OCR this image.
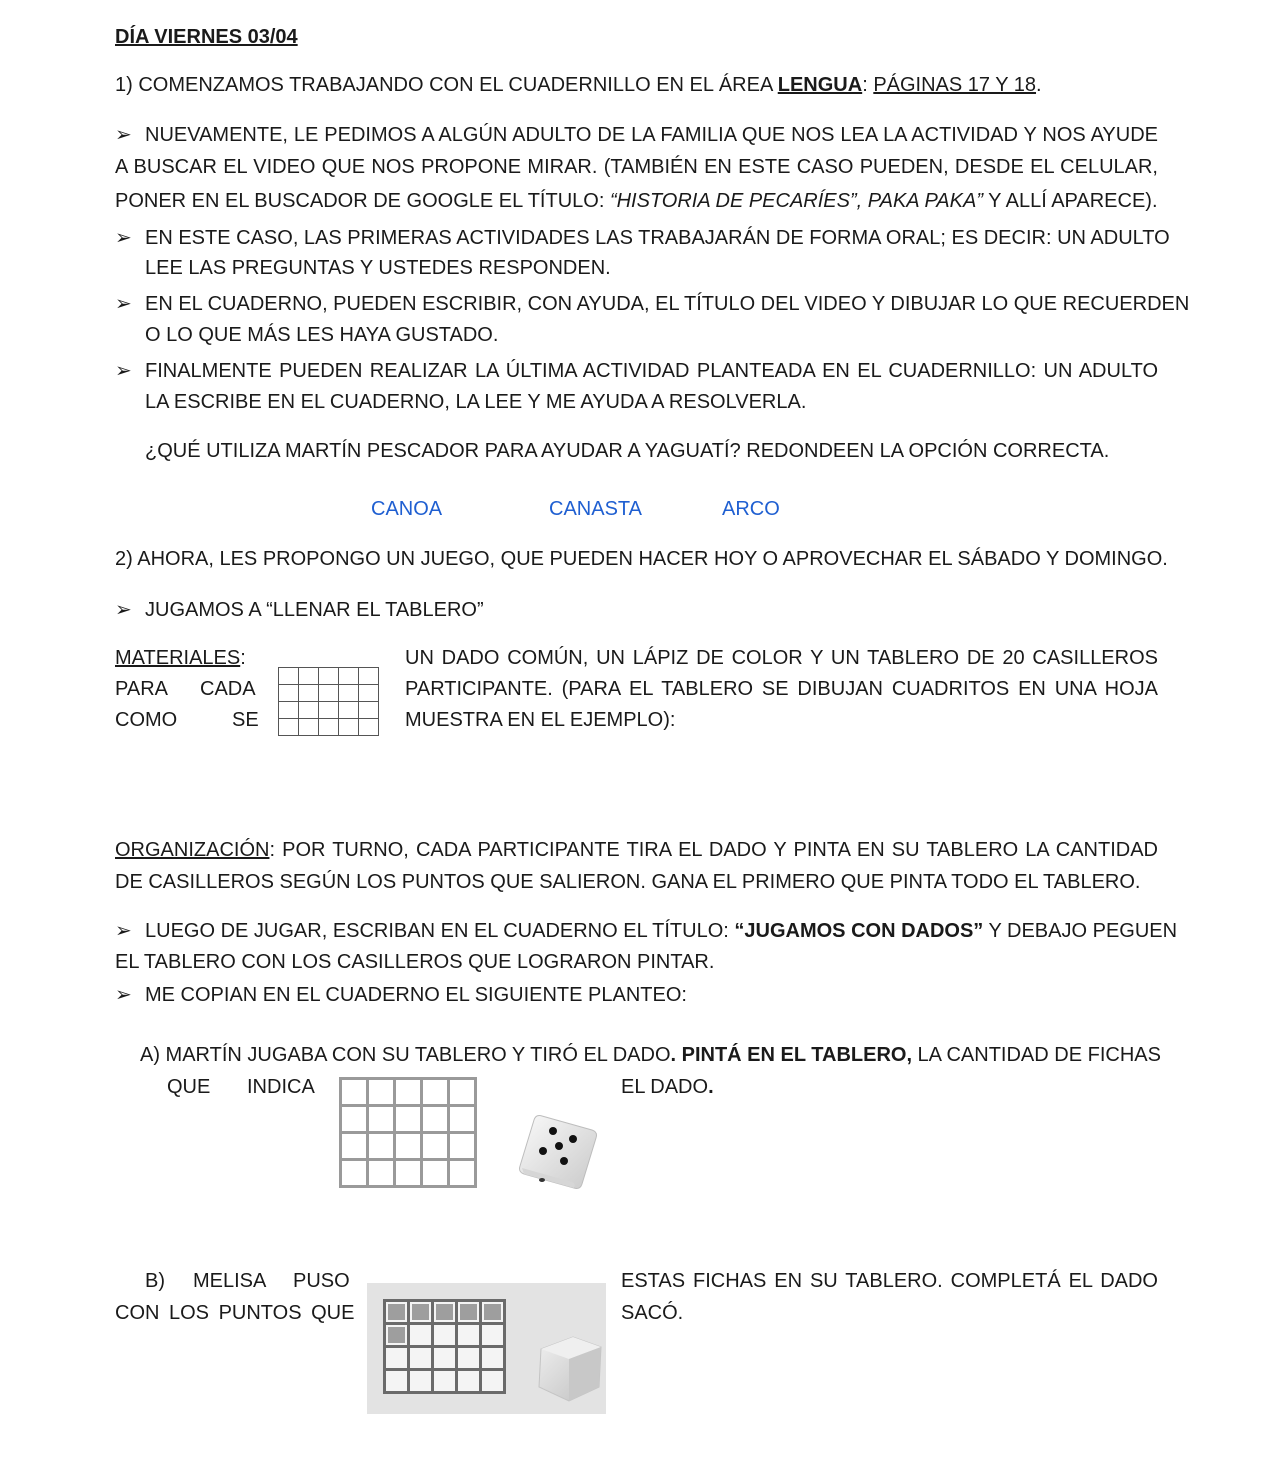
DÍA VIERNES 03/04
1) COMENZAMOS TRABAJANDO CON EL CUADERNILLO EN EL ÁREA LENGUA: PÁGINAS 17 Y 18.
➢ NUEVAMENTE, LE PEDIMOS A ALGÚN ADULTO DE LA FAMILIA QUE NOS LEA LA ACTIVIDAD Y NOS AYUDE
A BUSCAR EL VIDEO QUE NOS PROPONE MIRAR. (TAMBIÉN EN ESTE CASO PUEDEN, DESDE EL CELULAR,
PONER EN EL BUSCADOR DE GOOGLE EL TÍTULO: “HISTORIA DE PECARÍES”, PAKA PAKA” Y ALLÍ APARECE).
➢ EN ESTE CASO, LAS PRIMERAS ACTIVIDADES LAS TRABAJARÁN DE FORMA ORAL; ES DECIR: UN ADULTO
LEE LAS PREGUNTAS Y USTEDES RESPONDEN.
➢ EN EL CUADERNO, PUEDEN ESCRIBIR, CON AYUDA, EL TÍTULO DEL VIDEO Y DIBUJAR LO QUE RECUERDEN
O LO QUE MÁS LES HAYA GUSTADO.
➢ FINALMENTE PUEDEN REALIZAR LA ÚLTIMA ACTIVIDAD PLANTEADA EN EL CUADERNILLO: UN ADULTO
LA ESCRIBE EN EL CUADERNO, LA LEE Y ME AYUDA A RESOLVERLA.
¿QUÉ UTILIZA MARTÍN PESCADOR PARA AYUDAR A YAGUATÍ? REDONDEEN LA OPCIÓN CORRECTA.
CANOA	CANASTA	ARCO
2) AHORA, LES PROPONGO UN JUEGO, QUE PUEDEN HACER HOY O APROVECHAR EL SÁBADO Y DOMINGO.
➢ JUGAMOS A “LLENAR EL TABLERO”
MATERIALES:
PARA CADA
COMO	SE

UN DADO COMÚN, UN LÁPIZ DE COLOR Y UN TABLERO DE 20 CASILLEROS
PARTICIPANTE. (PARA EL TABLERO SE DIBUJAN CUADRITOS EN UNA HOJA
MUESTRA EN EL EJEMPLO):
ORGANIZACIÓN: POR TURNO, CADA PARTICIPANTE TIRA EL DADO Y PINTA EN SU TABLERO LA CANTIDAD
DE CASILLEROS SEGÚN LOS PUNTOS QUE SALIERON. GANA EL PRIMERO QUE PINTA TODO EL TABLERO.
➢ LUEGO DE JUGAR, ESCRIBAN EN EL CUADERNO EL TÍTULO: “JUGAMOS CON DADOS” Y DEBAJO PEGUEN
EL TABLERO CON LOS CASILLEROS QUE LOGRARON PINTAR.
➢ ME COPIAN EN EL CUADERNO EL SIGUIENTE PLANTEO:
A) MARTÍN JUGABA CON SU TABLERO Y TIRÓ EL DADO. PINTÁ EN EL TABLERO, LA CANTIDAD DE FICHAS
QUE INDICA	EL DADO.

B) MELISA PUSO
CON LOS PUNTOS QUE
ESTAS FICHAS EN SU TABLERO. COMPLETÁ EL DADO
SACÓ.
